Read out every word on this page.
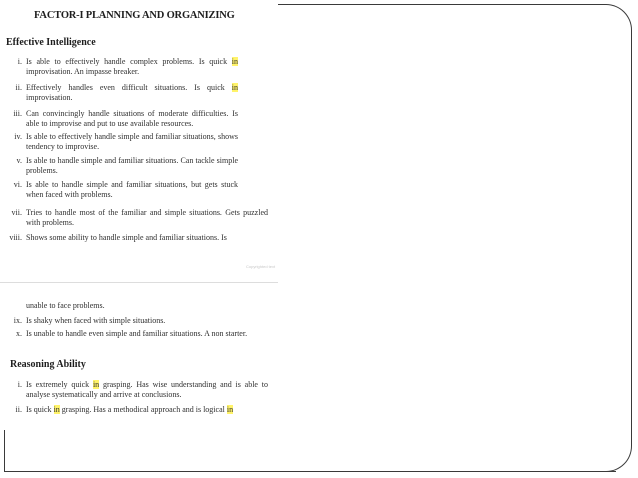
FACTOR-I PLANNING AND ORGANIZING
Effective Intelligence
i. Is able to effectively handle complex problems. Is quick in improvisation. An impasse breaker.
ii. Effectively handles even difficult situations. Is quick in improvisation.
iii. Can convincingly handle situations of moderate difficulties. Is able to improvise and put to use available resources.
iv. Is able to effectively handle simple and familiar situations, shows tendency to improvise.
v. Is able to handle simple and familiar situations. Can tackle simple problems.
vi. Is able to handle simple and familiar situations, but gets stuck when faced with problems.
vii. Tries to handle most of the familiar and simple situations. Gets puzzled with problems.
viii. Shows some ability to handle simple and familiar situations. Is
Copyrighted text
unable to face problems.
ix. Is shaky when faced with simple situations.
x. Is unable to handle even simple and familiar situations. A non starter.
Reasoning Ability
i. Is extremely quick in grasping. Has wise understanding and is able to analyse systematically and arrive at conclusions.
ii. Is quick in grasping. Has a methodical approach and is logical in
